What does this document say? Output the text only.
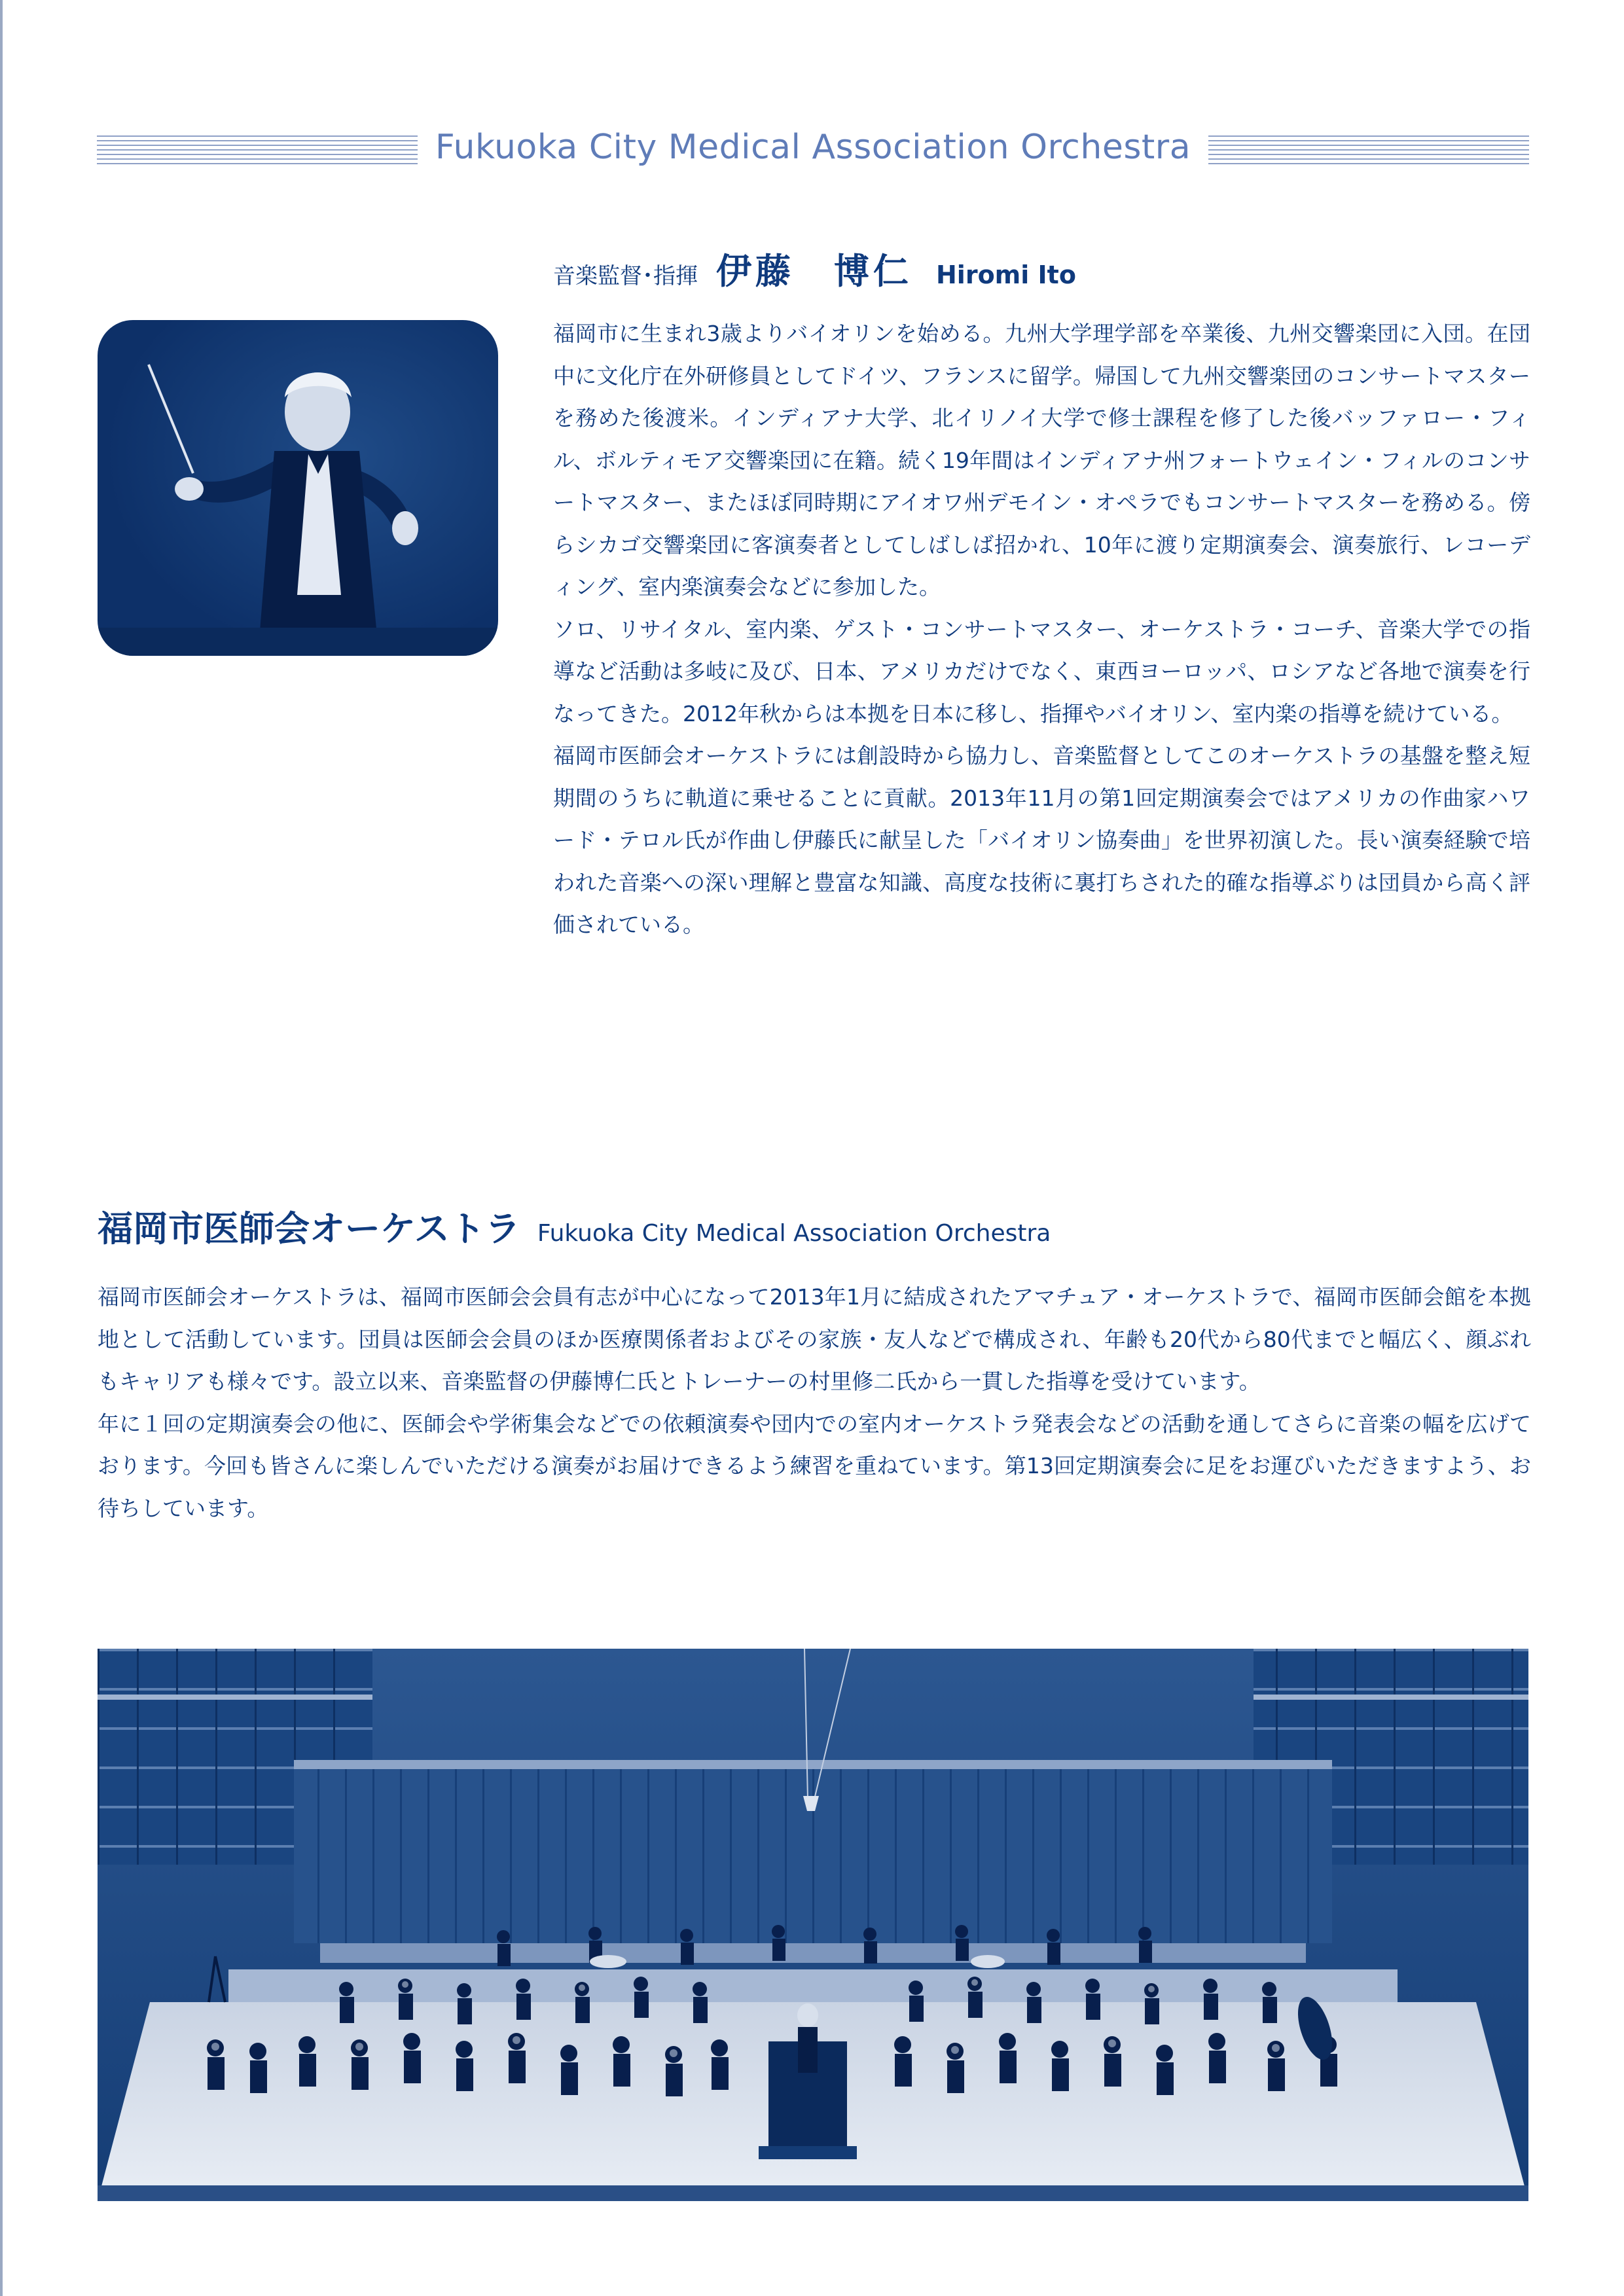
Fukuoka City Medical Association Orchestra
音楽監督･指揮 伊藤　博仁 Hiromi Ito

福岡市に生まれ3歳よりバイオリンを始める。九州大学理学部を卒業後、九州交響楽団に入団。在団中に文化庁在外研修員としてドイツ、フランスに留学。帰国して九州交響楽団のコンサートマスターを務めた後渡米。インディアナ大学、北イリノイ大学で修士課程を修了した後バッファロー・フィル、ボルティモア交響楽団に在籍。続く19年間はインディアナ州フォートウェイン・フィルのコンサートマスター、またほぼ同時期にアイオワ州デモイン・オペラでもコンサートマスターを務める。傍らシカゴ交響楽団に客演奏者としてしばしば招かれ、10年に渡り定期演奏会、演奏旅行、レコーディング、室内楽演奏会などに参加した。

ソロ、リサイタル、室内楽、ゲスト・コンサートマスター、オーケストラ・コーチ、音楽大学での指導など活動は多岐に及び、日本、アメリカだけでなく、東西ヨーロッパ、ロシアなど各地で演奏を行なってきた。2012年秋からは本拠を日本に移し、指揮やバイオリン、室内楽の指導を続けている。

福岡市医師会オーケストラには創設時から協力し、音楽監督としてこのオーケストラの基盤を整え短期間のうちに軌道に乗せることに貢献。2013年11月の第1回定期演奏会ではアメリカの作曲家ハワード・テロル氏が作曲し伊藤氏に献呈した「バイオリン協奏曲」を世界初演した。長い演奏経験で培われた音楽への深い理解と豊富な知識、高度な技術に裏打ちされた的確な指導ぶりは団員から高く評価されている。

福岡市医師会オーケストラ Fukuoka City Medical Association Orchestra

福岡市医師会オーケストラは、福岡市医師会会員有志が中心になって2013年1月に結成されたアマチュア・オーケストラで、福岡市医師会館を本拠地として活動しています。団員は医師会会員のほか医療関係者およびその家族・友人などで構成され、年齢も20代から80代までと幅広く、顔ぶれもキャリアも様々です。設立以来、音楽監督の伊藤博仁氏とトレーナーの村里修二氏から一貫した指導を受けています。

年に１回の定期演奏会の他に、医師会や学術集会などでの依頼演奏や団内での室内オーケストラ発表会などの活動を通してさらに音楽の幅を広げております。今回も皆さんに楽しんでいただける演奏がお届けできるよう練習を重ねています。第13回定期演奏会に足をお運びいただきますよう、お待ちしています。
